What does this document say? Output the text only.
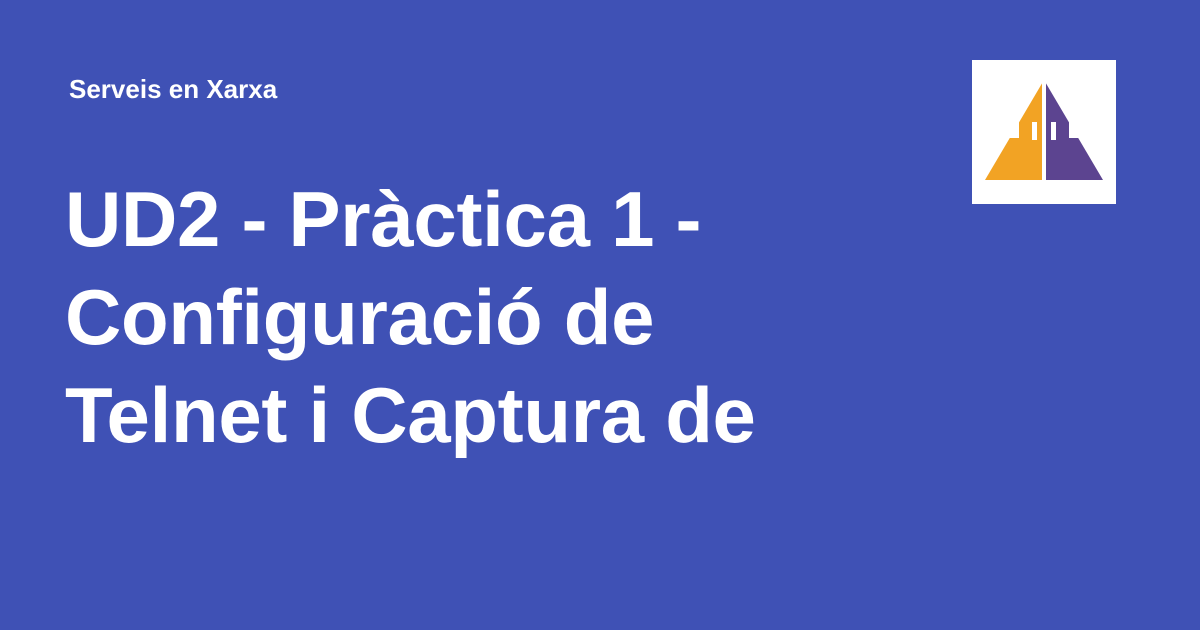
Serveis en Xarxa
UD2 - Pràctica 1 -
Configuració de
Telnet i Captura de
